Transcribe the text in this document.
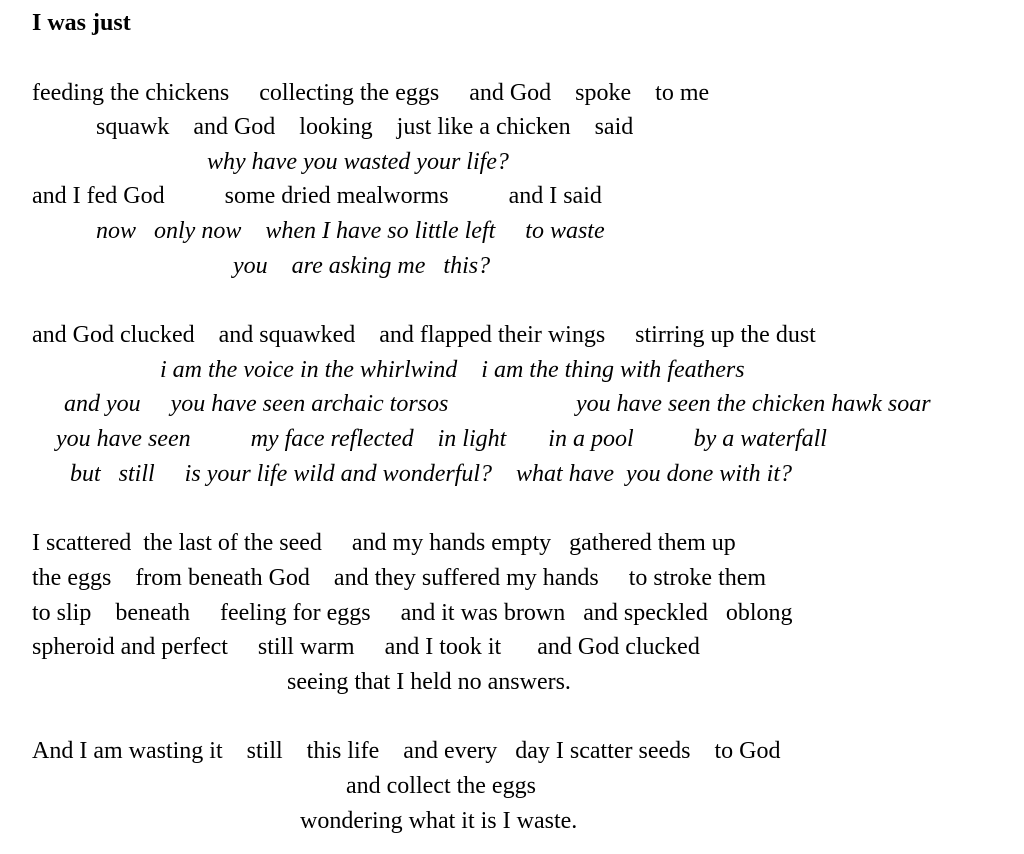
I was just
feeding the chickens     collecting the eggs     and God    spoke    to me
squawk    and God    looking    just like a chicken    said
why have you wasted your life?
and I fed God          some dried mealworms          and I said
now   only now    when I have so little left     to waste
you    are asking me   this?
and God clucked    and squawked    and flapped their wings     stirring up the dust
i am the voice in the whirlwind    i am the thing with feathers
and you     you have seen archaic torsos	you have seen the chicken hawk soar
you have seen          my face reflected    in light       in a pool          by a waterfall
but   still     is your life wild and wonderful?    what have  you done with it?
I scattered  the last of the seed     and my hands empty   gathered them up
the eggs    from beneath God    and they suffered my hands     to stroke them
to slip    beneath     feeling for eggs     and it was brown   and speckled   oblong
spheroid and perfect     still warm     and I took it      and God clucked
seeing that I held no answers.
And I am wasting it    still    this life    and every   day I scatter seeds    to God
and collect the eggs
wondering what it is I waste.
